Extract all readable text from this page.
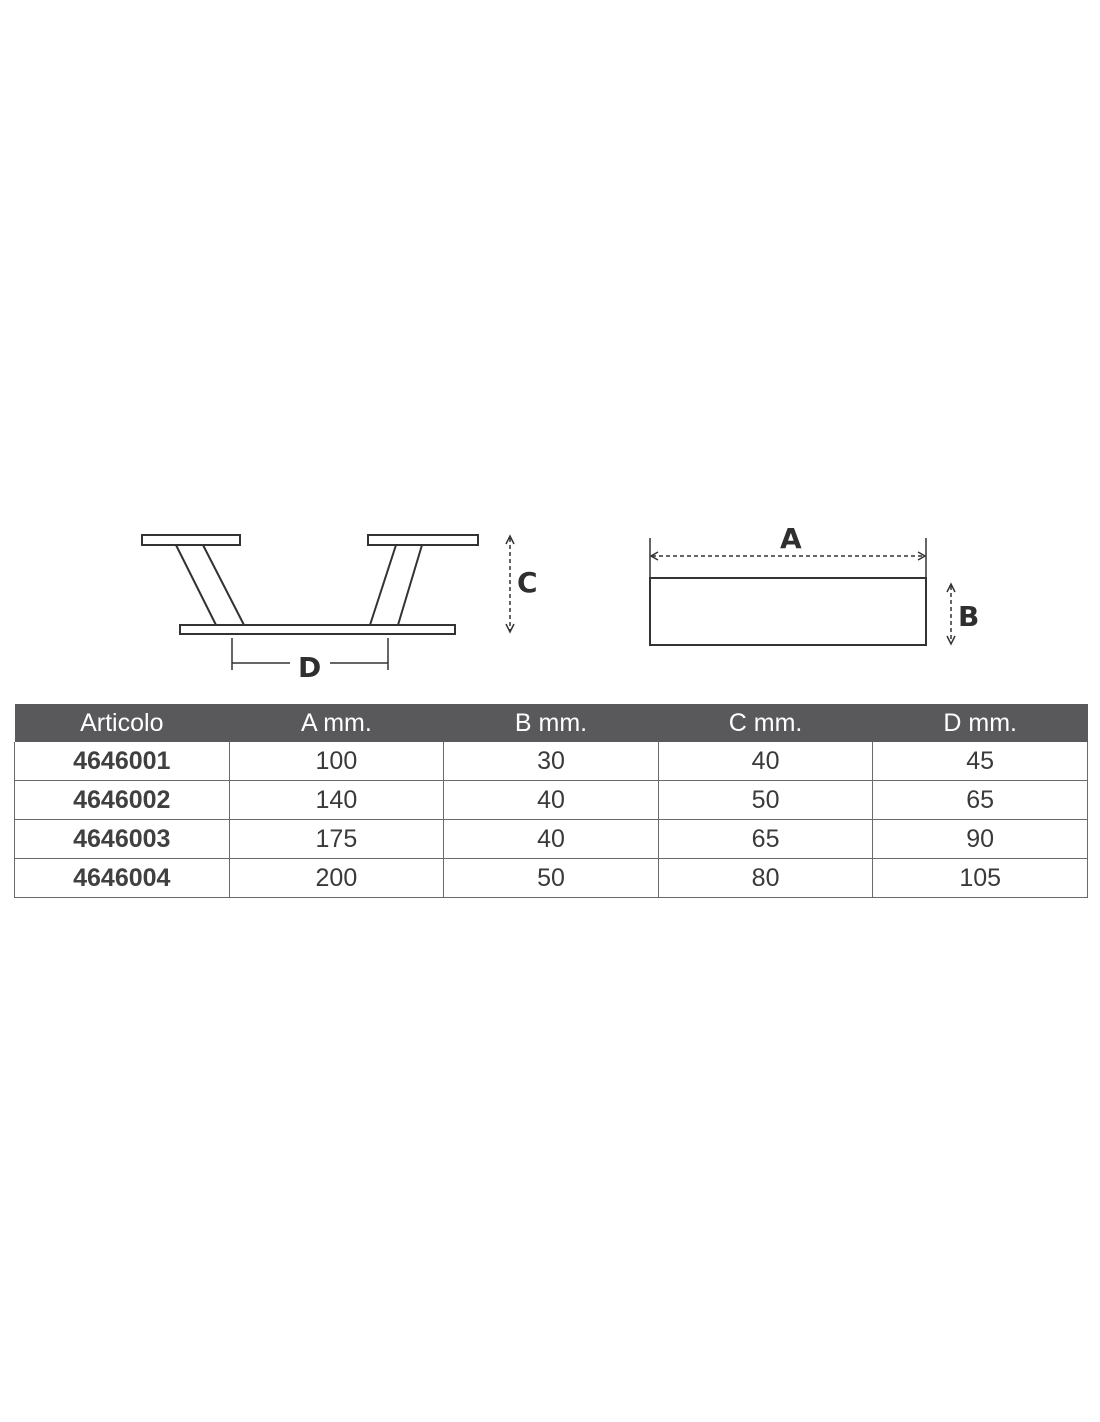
C
D
A
B
Articolo	A mm.	B mm.	C mm.	D mm.
4646001	100	30	40	45
4646002	140	40	50	65
4646003	175	40	65	90
4646004	200	50	80	105
